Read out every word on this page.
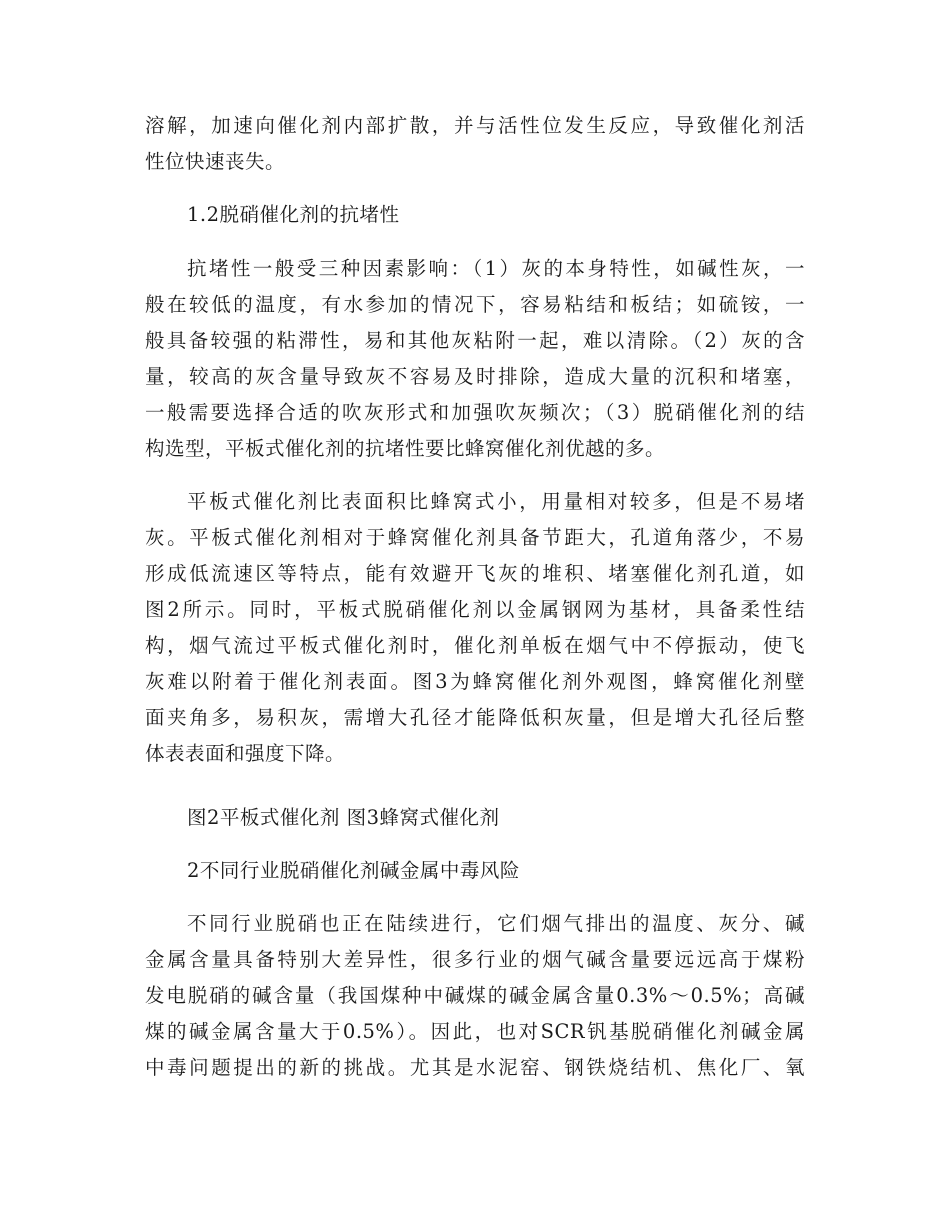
溶解，加速向催化剂内部扩散，并与活性位发生反应，导致催化剂活
性位快速丧失。
1.2脱硝催化剂的抗堵性
抗堵性一般受三种因素影响：（1）灰的本身特性，如碱性灰，一
般在较低的温度，有水参加的情况下，容易粘结和板结；如硫铵，一
般具备较强的粘滞性，易和其他灰粘附一起，难以清除。（2）灰的含
量，较高的灰含量导致灰不容易及时排除，造成大量的沉积和堵塞，
一般需要选择合适的吹灰形式和加强吹灰频次；（3）脱硝催化剂的结
构选型，平板式催化剂的抗堵性要比蜂窝催化剂优越的多。
平板式催化剂比表面积比蜂窝式小，用量相对较多，但是不易堵
灰。平板式催化剂相对于蜂窝催化剂具备节距大，孔道角落少，不易
形成低流速区等特点，能有效避开飞灰的堆积、堵塞催化剂孔道，如
图2所示。同时，平板式脱硝催化剂以金属钢网为基材，具备柔性结
构，烟气流过平板式催化剂时，催化剂单板在烟气中不停振动，使飞
灰难以附着于催化剂表面。图3为蜂窝催化剂外观图，蜂窝催化剂壁
面夹角多，易积灰，需增大孔径才能降低积灰量，但是增大孔径后整
体表表面和强度下降。
图2平板式催化剂 图3蜂窝式催化剂
2不同行业脱硝催化剂碱金属中毒风险
不同行业脱硝也正在陆续进行，它们烟气排出的温度、灰分、碱
金属含量具备特别大差异性，很多行业的烟气碱含量要远远高于煤粉
发电脱硝的碱含量（我国煤种中碱煤的碱金属含量0.3%～0.5%；高碱
煤的碱金属含量大于0.5%）。因此，也对SCR钒基脱硝催化剂碱金属
中毒问题提出的新的挑战。尤其是水泥窑、钢铁烧结机、焦化厂、氧
